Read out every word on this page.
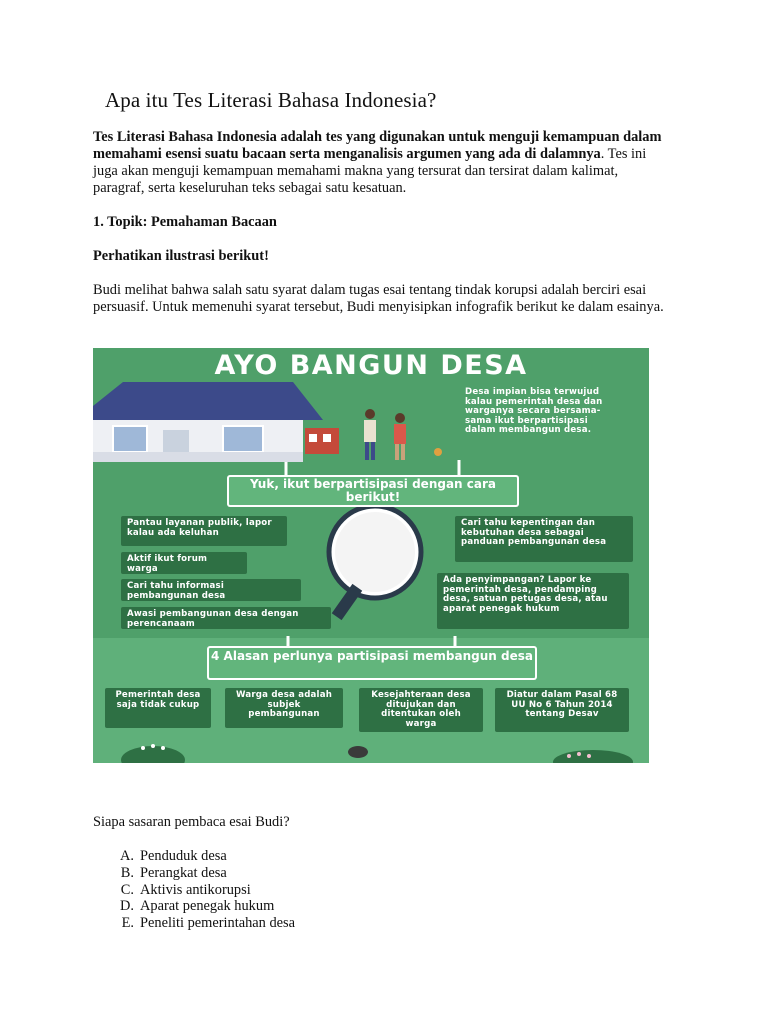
Apa itu Tes Literasi Bahasa Indonesia?

Tes Literasi Bahasa Indonesia adalah tes yang digunakan untuk menguji kemampuan dalam memahami esensi suatu bacaan serta menganalisis argumen yang ada di dalamnya. Tes ini juga akan menguji kemampuan memahami makna yang tersurat dan tersirat dalam kalimat, paragraf, serta keseluruhan teks sebagai satu kesatuan.

1. Topik: Pemahaman Bacaan

Perhatikan ilustrasi berikut!

Budi melihat bahwa salah satu syarat dalam tugas esai tentang tindak korupsi adalah berciri esai persuasif. Untuk memenuhi syarat tersebut, Budi menyisipkan infografik berikut ke dalam esainya.

AYO BANGUN DESA
Desa impian bisa terwujud kalau pemerintah desa dan warganya secara bersama-sama ikut berpartisipasi dalam membangun desa.
Yuk, ikut berpartisipasi dengan cara berikut!
Pantau layanan publik, lapor kalau ada keluhan
Aktif ikut forum warga
Cari tahu informasi pembangunan desa
Awasi pembangunan desa dengan perencanaam
Cari tahu kepentingan dan kebutuhan desa sebagai panduan pembangunan desa
Ada penyimpangan? Lapor ke pemerintah desa, pendamping desa, satuan petugas desa, atau aparat penegak hukum
4 Alasan perlunya partisipasi membangun desa
Pemerintah desa saja tidak cukup
Warga desa adalah subjek pembangunan
Kesejahteraan desa ditujukan dan ditentukan oleh warga
Diatur dalam Pasal 68 UU No 6 Tahun 2014 tentang Desav
Siapa sasaran pembaca esai Budi?
A. Penduduk desa
B. Perangkat desa
C. Aktivis antikorupsi
D. Aparat penegak hukum
E. Peneliti pemerintahan desa
